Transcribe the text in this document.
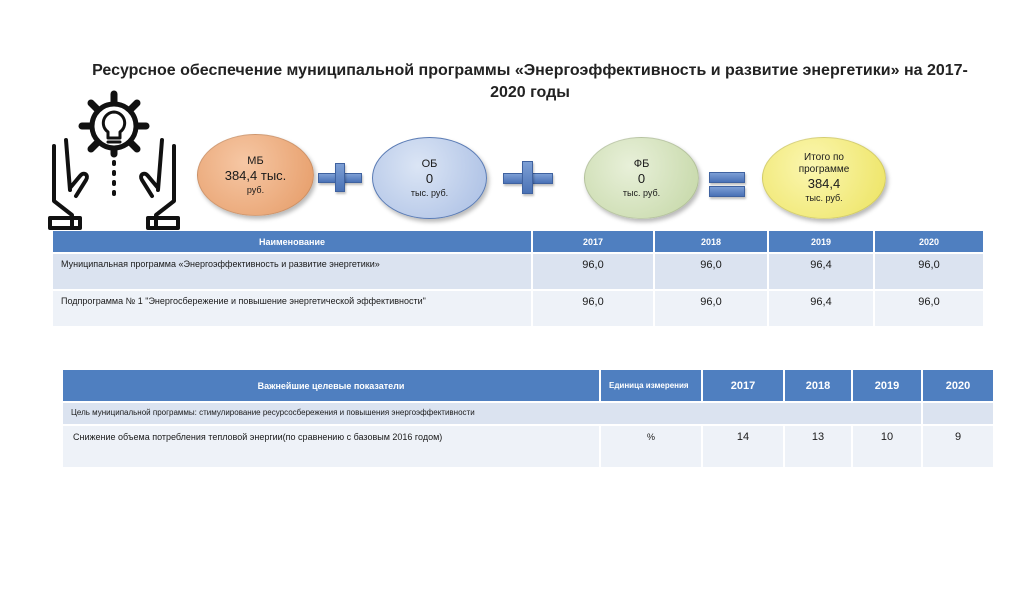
Ресурсное обеспечение муниципальной программы «Энергоэффективность и развитие энергетики» на 2017-2020 годы
МБ
384,4 тыс.
руб.
ОБ
0
тыс. руб.
ФБ
0
тыс. руб.
Итого по программе
384,4
тыс. руб.
Наименование	2017	2018	2019	2020
Муниципальная программа «Энергоэффективность и развитие энергетики»	96,0	96,0	96,4	96,0
Подпрограмма № 1 "Энергосбережение и повышение энергетической эффективности"	96,0	96,0	96,4	96,0
Важнейшие целевые показатели	Единица измерения	2017	2018	2019	2020
Цель муниципальной программы: стимулирование ресурсосбережения и повышения энергоэффективности					
Снижение объема потребления тепловой энергии(по сравнению с базовым 2016 годом)	%	14	13	10	9
